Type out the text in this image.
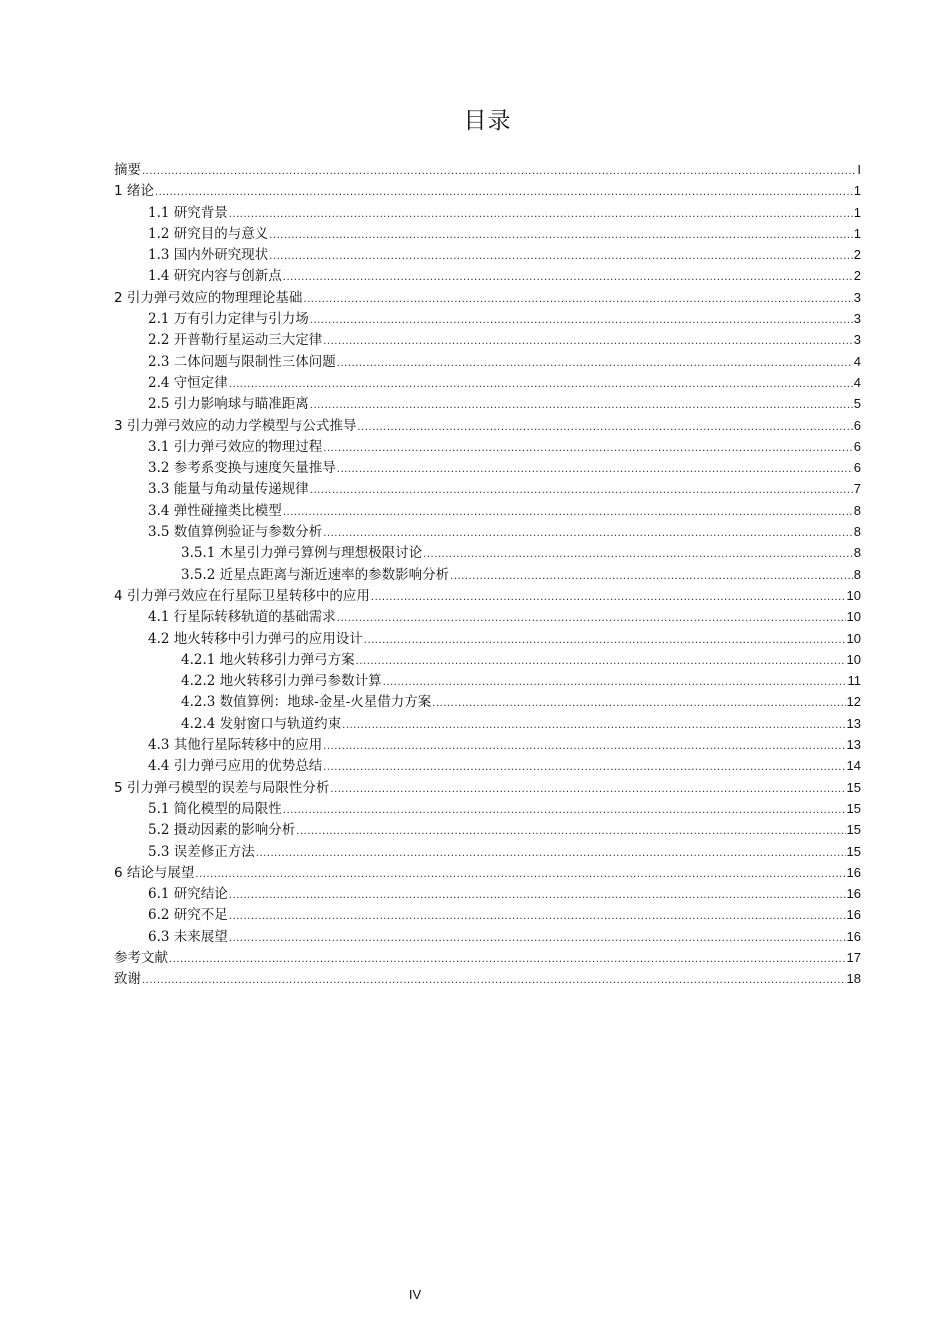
目录
摘要 .....	I
1 绪论 .....	1
1.1 研究背景 .....	1
1.2 研究目的与意义 .....	1
1.3 国内外研究现状 .....	2
1.4 研究内容与创新点 .....	2
2 引力弹弓效应的物理理论基础 .....	3
2.1 万有引力定律与引力场 .....	3
2.2 开普勒行星运动三大定律 .....	3
2.3 二体问题与限制性三体问题 .....	4
2.4 守恒定律 .....	4
2.5 引力影响球与瞄准距离 .....	5
3 引力弹弓效应的动力学模型与公式推导 .....	6
3.1 引力弹弓效应的物理过程 .....	6
3.2 参考系变换与速度矢量推导 .....	6
3.3 能量与角动量传递规律 .....	7
3.4 弹性碰撞类比模型 .....	8
3.5 数值算例验证与参数分析 .....	8
3.5.1 木星引力弹弓算例与理想极限讨论 .....	8
3.5.2 近星点距离与渐近速率的参数影响分析 .....	8
4 引力弹弓效应在行星际卫星转移中的应用 .....	10
4.1 行星际转移轨道的基础需求 .....	10
4.2 地火转移中引力弹弓的应用设计 .....	10
4.2.1 地火转移引力弹弓方案 .....	10
4.2.2 地火转移引力弹弓参数计算 .....	11
4.2.3 数值算例：地球-金星-火星借力方案 .....	12
4.2.4 发射窗口与轨道约束 .....	13
4.3 其他行星际转移中的应用 .....	13
4.4 引力弹弓应用的优势总结 .....	14
5 引力弹弓模型的误差与局限性分析 .....	15
5.1 简化模型的局限性 .....	15
5.2 摄动因素的影响分析 .....	15
5.3 误差修正方法 .....	15
6 结论与展望 .....	16
6.1 研究结论 .....	16
6.2 研究不足 .....	16
6.3 未来展望 .....	16
参考文献 .....	17
致谢 .....	18
IV
